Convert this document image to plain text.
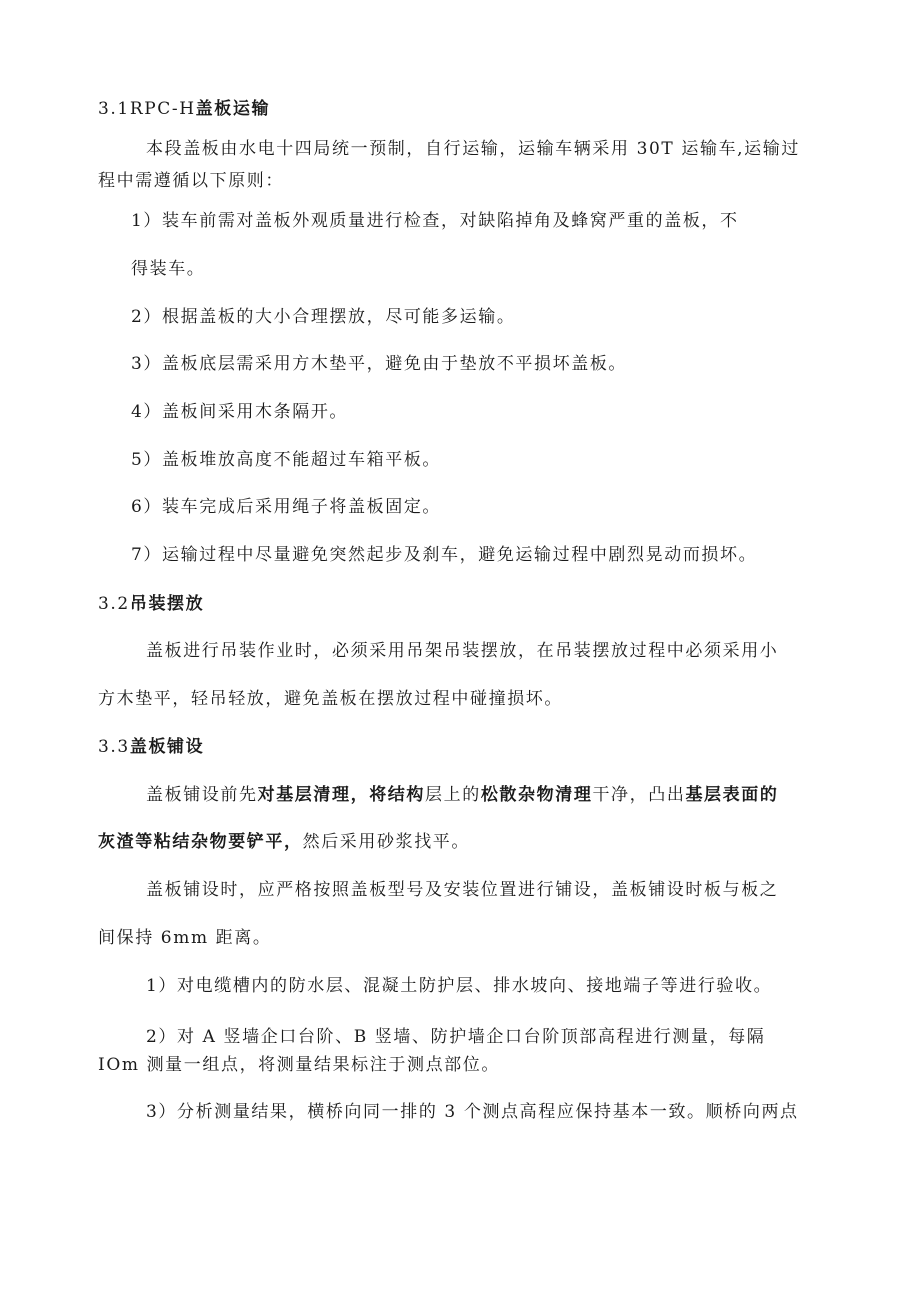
3.1RPC-H盖板运输
本段盖板由水电十四局统一预制，自行运输，运输车辆采用 30T 运输车,运输过
程中需遵循以下原则：
1）装车前需对盖板外观质量进行检查，对缺陷掉角及蜂窝严重的盖板，不
得装车。
2）根据盖板的大小合理摆放，尽可能多运输。
3）盖板底层需采用方木垫平，避免由于垫放不平损坏盖板。
4）盖板间采用木条隔开。
5）盖板堆放高度不能超过车箱平板。
6）装车完成后采用绳子将盖板固定。
7）运输过程中尽量避免突然起步及刹车，避免运输过程中剧烈晃动而损坏。
3.2吊装摆放
盖板进行吊装作业时，必须采用吊架吊装摆放，在吊装摆放过程中必须采用小
方木垫平，轻吊轻放，避免盖板在摆放过程中碰撞损坏。
3.3盖板铺设
盖板铺设前先对基层清理，将结构层上的松散杂物清理干净，凸出基层表面的
灰渣等粘结杂物要铲平，然后采用砂浆找平。
盖板铺设时，应严格按照盖板型号及安装位置进行铺设，盖板铺设时板与板之
间保持 6mm 距离。
1）对电缆槽内的防水层、混凝土防护层、排水坡向、接地端子等进行验收。
2）对 A 竖墙企口台阶、B 竖墙、防护墙企口台阶顶部高程进行测量，每隔
IOm 测量一组点，将测量结果标注于测点部位。
3）分析测量结果，横桥向同一排的 3 个测点高程应保持基本一致。顺桥向两点
